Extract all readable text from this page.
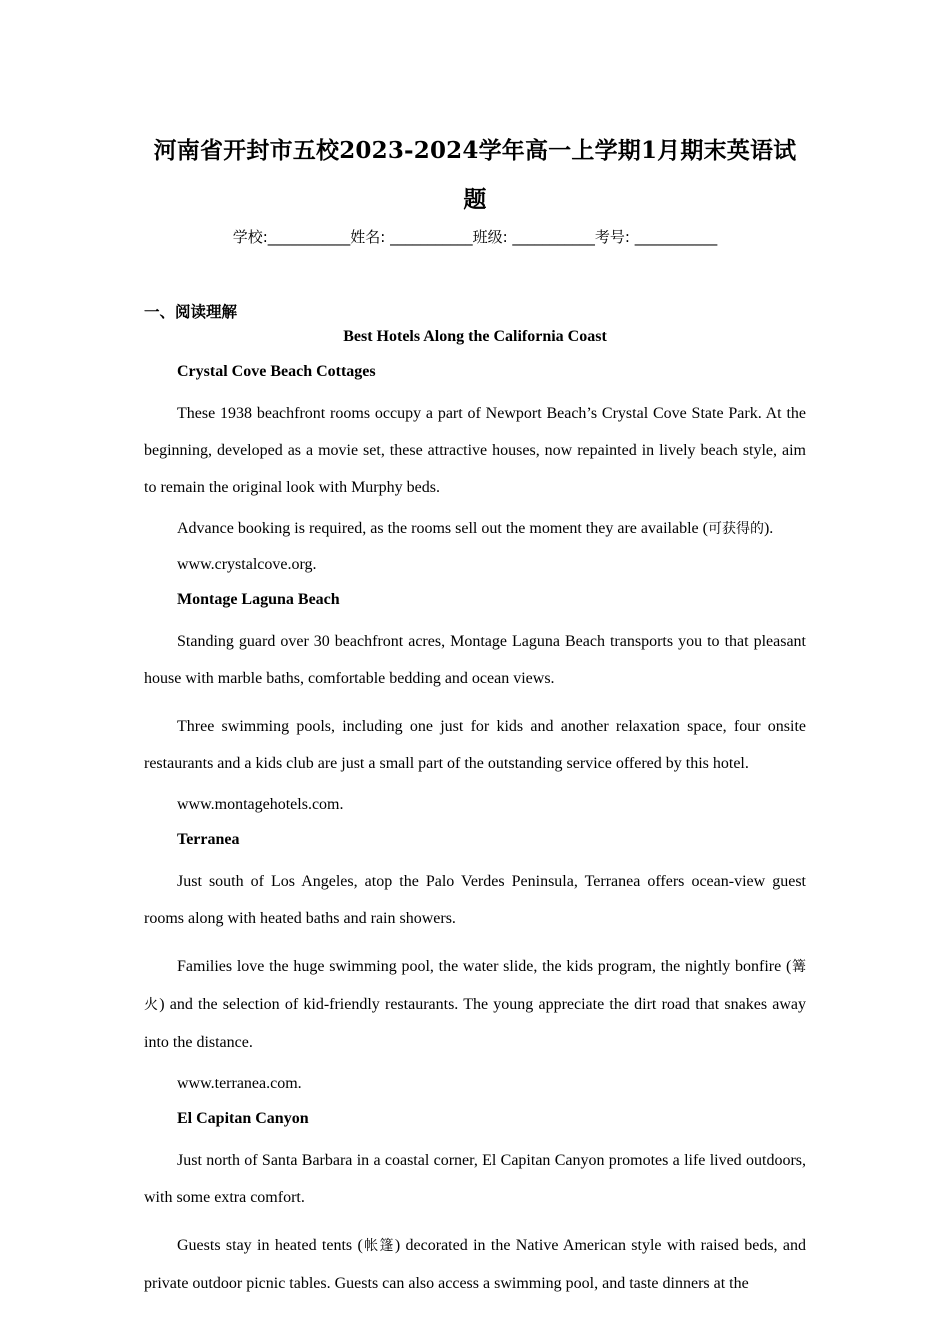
河南省开封市五校2023-2024学年高一上学期1月期末英语试
题
学校:___________姓名: ___________班级: ___________考号: ___________
一、阅读理解
Best Hotels Along the California Coast
Crystal Cove Beach Cottages

These 1938 beachfront rooms occupy a part of Newport Beach’s Crystal Cove State Park. At the beginning, developed as a movie set, these attractive houses, now repainted in lively beach style, aim to remain the original look with Murphy beds.

Advance booking is required, as the rooms sell out the moment they are available (可获得的).

www.crystalcove.org.
Montage Laguna Beach

Standing guard over 30 beachfront acres, Montage Laguna Beach transports you to that pleasant house with marble baths, comfortable bedding and ocean views.

Three swimming pools, including one just for kids and another relaxation space, four onsite restaurants and a kids club are just a small part of the outstanding service offered by this hotel.

www.montagehotels.com.
Terranea

Just south of Los Angeles, atop the Palo Verdes Peninsula, Terranea offers ocean-view guest rooms along with heated baths and rain showers.

Families love the huge swimming pool, the water slide, the kids program, the nightly bonfire (篝火) and the selection of kid-friendly restaurants. The young appreciate the dirt road that snakes away into the distance.

www.terranea.com.
El Capitan Canyon

Just north of Santa Barbara in a coastal corner, El Capitan Canyon promotes a life lived outdoors, with some extra comfort.

Guests stay in heated tents (帐篷) decorated in the Native American style with raised beds, and private outdoor picnic tables. Guests can also access a swimming pool, and taste dinners at the
